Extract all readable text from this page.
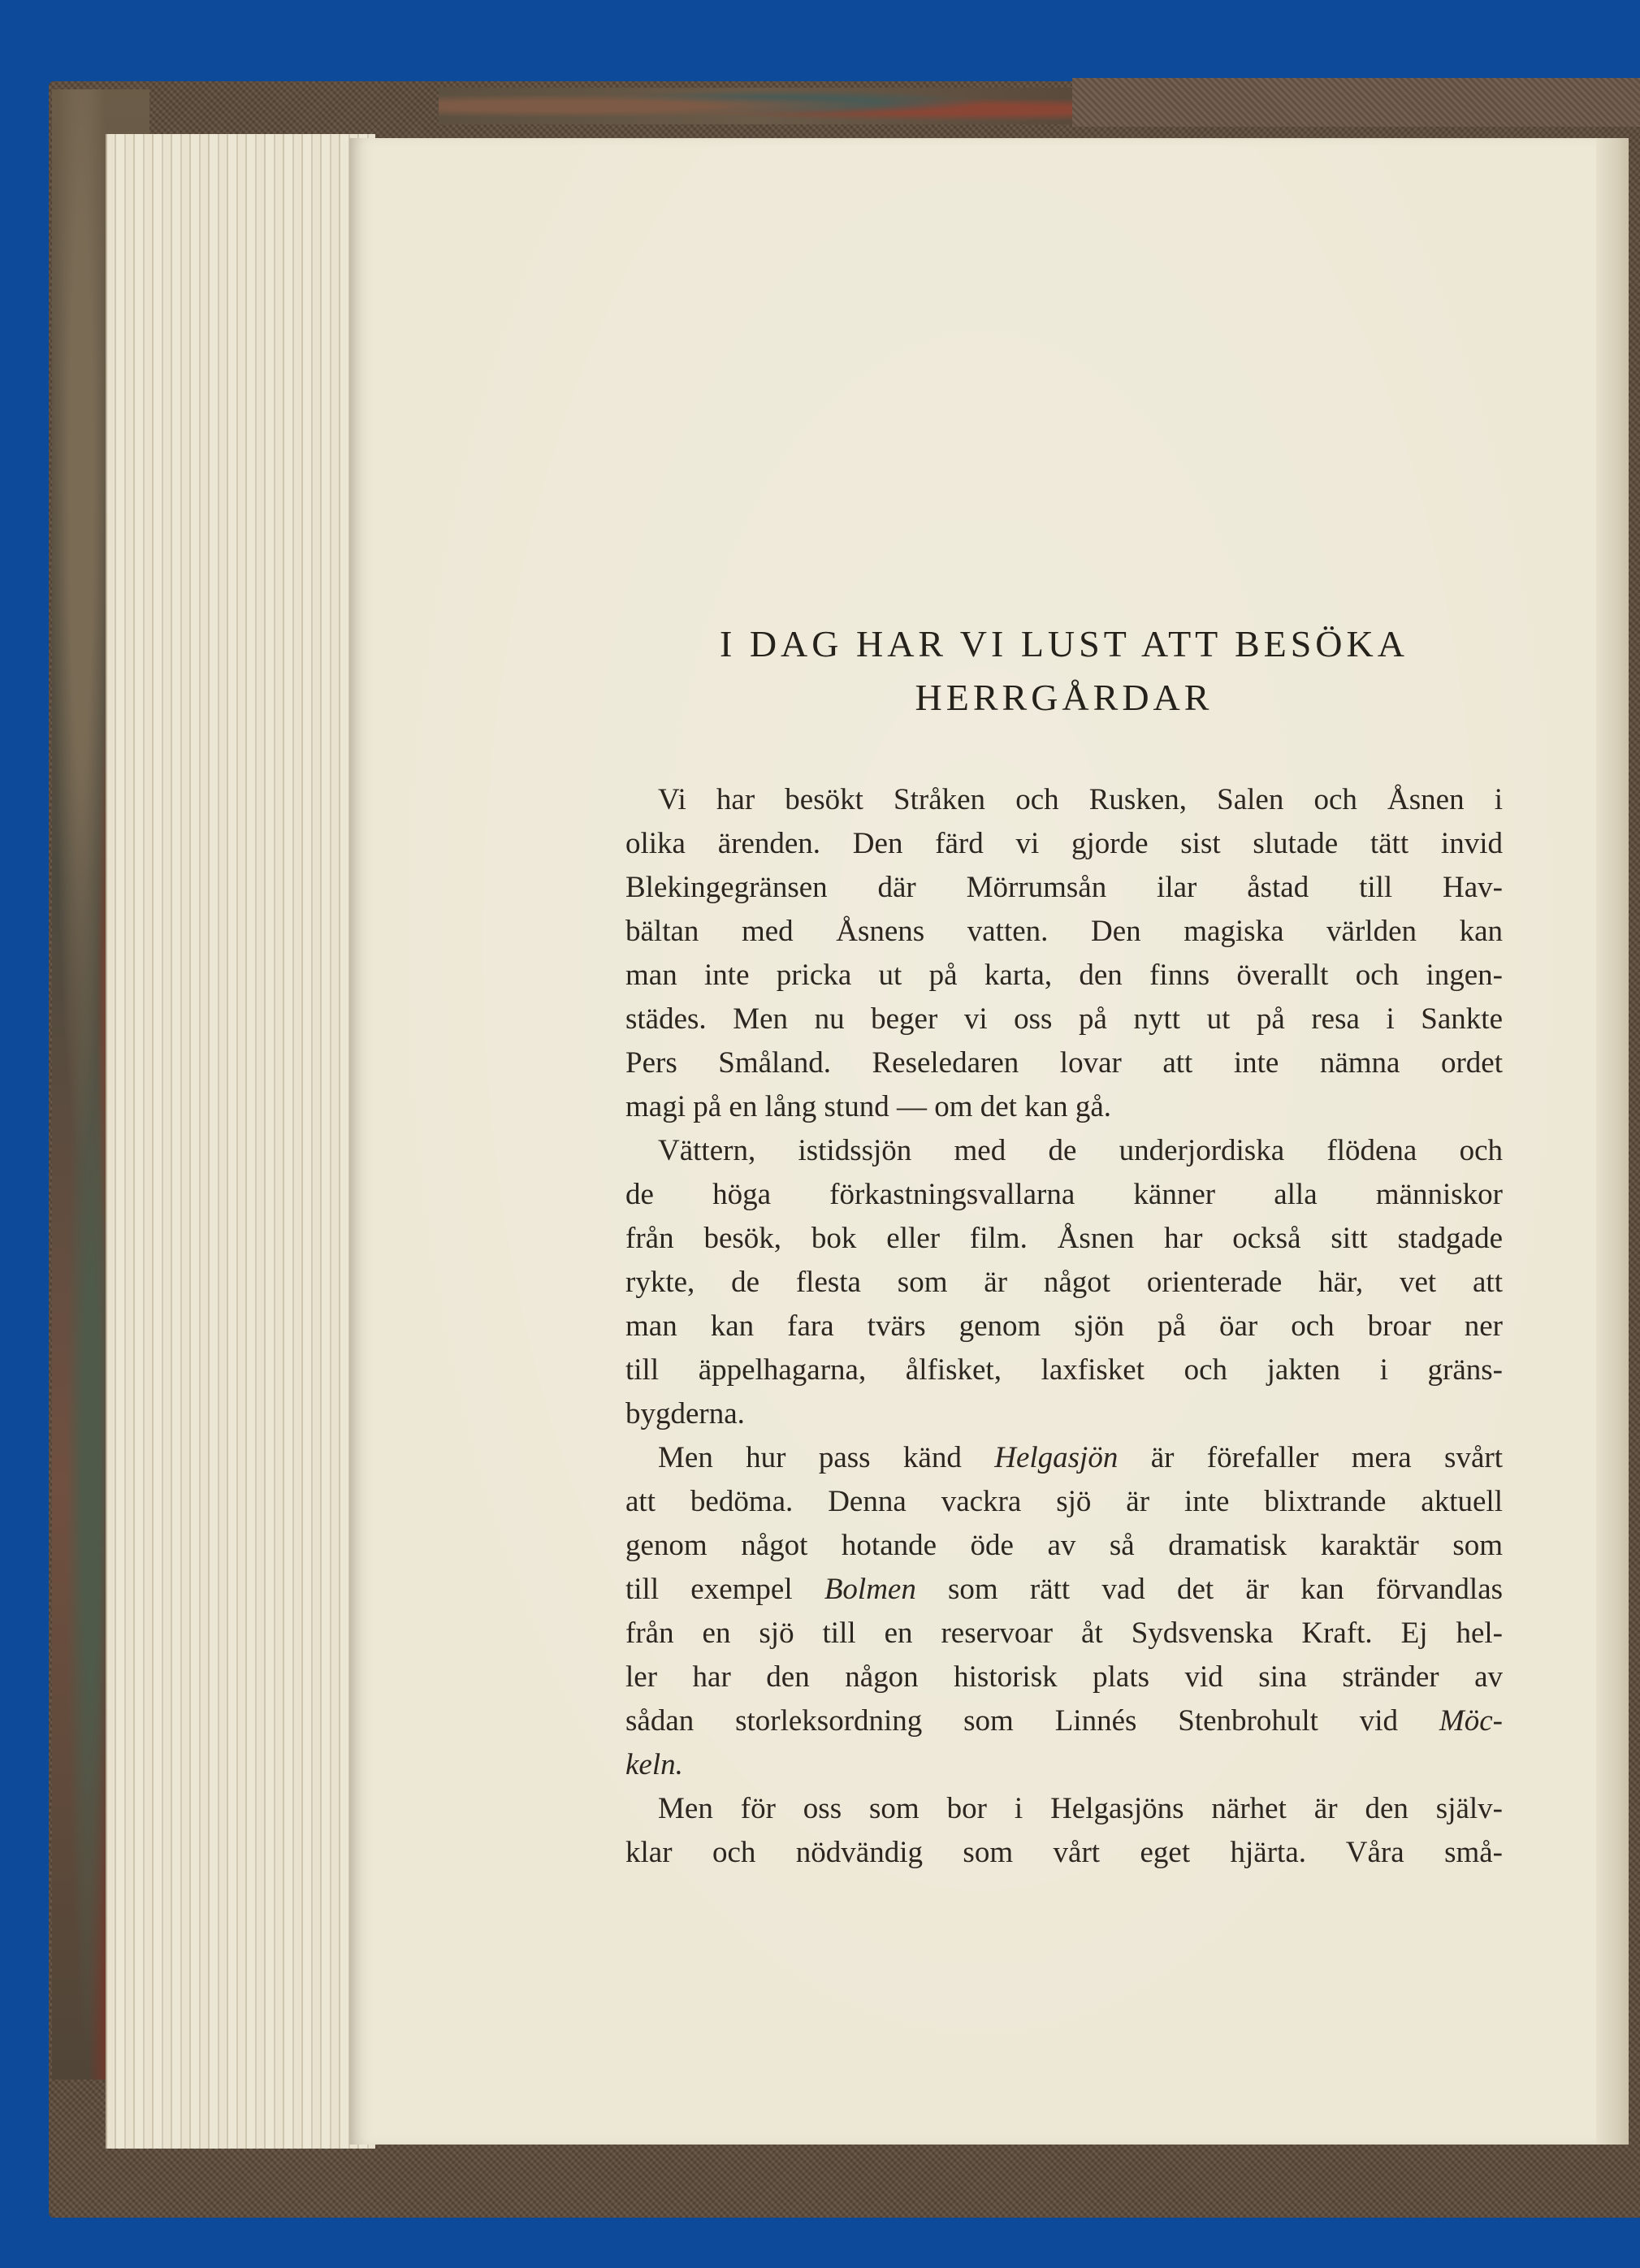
I DAG HAR VI LUST ATT BESÖKA
HERRGÅRDAR
Vi har besökt Stråken och Rusken, Salen och Åsnen i
olika ärenden. Den färd vi gjorde sist slutade tätt invid
Blekingegränsen där Mörrumsån ilar åstad till Hav-
bältan med Åsnens vatten. Den magiska världen kan
man inte pricka ut på karta, den finns överallt och ingen-
städes. Men nu beger vi oss på nytt ut på resa i Sankte
Pers Småland. Reseledaren lovar att inte nämna ordet
magi på en lång stund — om det kan gå.
Vättern, istidssjön med de underjordiska flödena och
de höga förkastningsvallarna känner alla människor
från besök, bok eller film. Åsnen har också sitt stadgade
rykte, de flesta som är något orienterade här, vet att
man kan fara tvärs genom sjön på öar och broar ner
till äppelhagarna, ålfisket, laxfisket och jakten i gräns-
bygderna.
Men hur pass känd Helgasjön är förefaller mera svårt
att bedöma. Denna vackra sjö är inte blixtrande aktuell
genom något hotande öde av så dramatisk karaktär som
till exempel Bolmen som rätt vad det är kan förvandlas
från en sjö till en reservoar åt Sydsvenska Kraft. Ej hel-
ler har den någon historisk plats vid sina stränder av
sådan storleksordning som Linnés Stenbrohult vid Möc-
keln.
Men för oss som bor i Helgasjöns närhet är den själv-
klar och nödvändig som vårt eget hjärta. Våra små-
